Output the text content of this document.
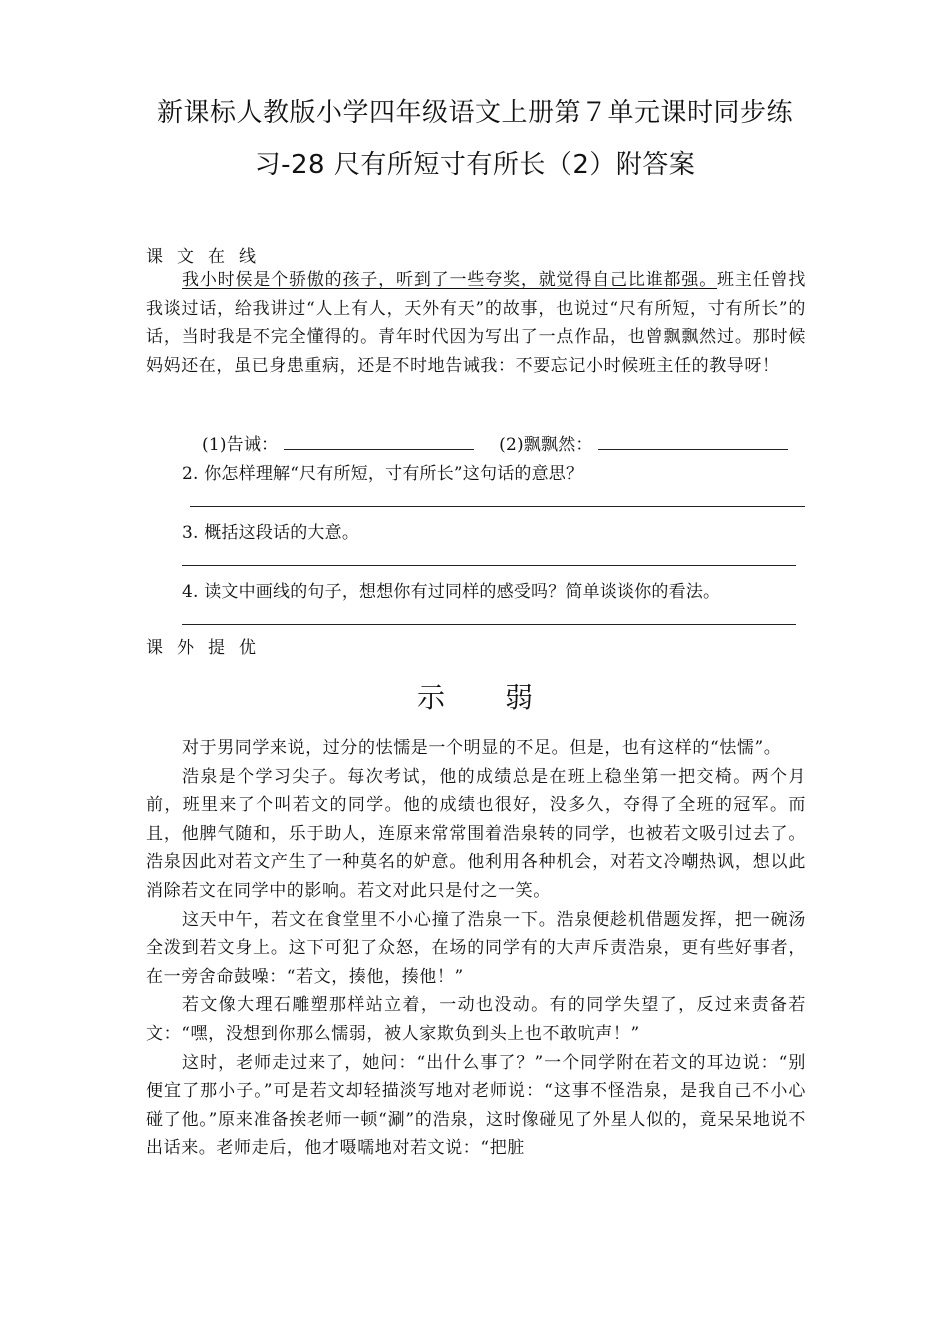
新课标人教版小学四年级语文上册第７单元课时同步练
习-28 尺有所短寸有所长（2）附答案
课文在线
我小时侯是个骄傲的孩子，听到了一些夸奖，就觉得自己比谁都强。班主任曾找我谈过话，给我讲过“人上有人，天外有天”的故事，也说过“尺有所短，寸有所长”的话，当时我是不完全懂得的。青年时代因为写出了一点作品，也曾飘飘然过。那时候妈妈还在，虽已身患重病，还是不时地告诫我：不要忘记小时候班主任的教导呀！
(1)告诫：	(2)飘飘然：
2. 你怎样理解“尺有所短，寸有所长”这句话的意思？
3. 概括这段话的大意。
4. 读文中画线的句子，想想你有过同样的感受吗？简单谈谈你的看法。
课外提优
示弱
对于男同学来说，过分的怯懦是一个明显的不足。但是，也有这样的“怯懦”。
浩泉是个学习尖子。每次考试，他的成绩总是在班上稳坐第一把交椅。两个月前，班里来了个叫若文的同学。他的成绩也很好，没多久，夺得了全班的冠军。而且，他脾气随和，乐于助人，连原来常常围着浩泉转的同学，也被若文吸引过去了。浩泉因此对若文产生了一种莫名的妒意。他利用各种机会，对若文冷嘲热讽，想以此消除若文在同学中的影响。若文对此只是付之一笑。
这天中午，若文在食堂里不小心撞了浩泉一下。浩泉便趁机借题发挥，把一碗汤全泼到若文身上。这下可犯了众怒，在场的同学有的大声斥责浩泉，更有些好事者，在一旁舍命鼓噪：“若文，揍他，揍他！”
若文像大理石雕塑那样站立着，一动也没动。有的同学失望了，反过来责备若文：“嘿，没想到你那么懦弱，被人家欺负到头上也不敢吭声！”
这时，老师走过来了，她问：“出什么事了？”一个同学附在若文的耳边说：“别便宜了那小子。”可是若文却轻描淡写地对老师说：“这事不怪浩泉，是我自己不小心碰了他。”原来准备挨老师一顿“涮”的浩泉，这时像碰见了外星人似的，竟呆呆地说不出话来。老师走后，他才嗫嚅地对若文说：“把脏
